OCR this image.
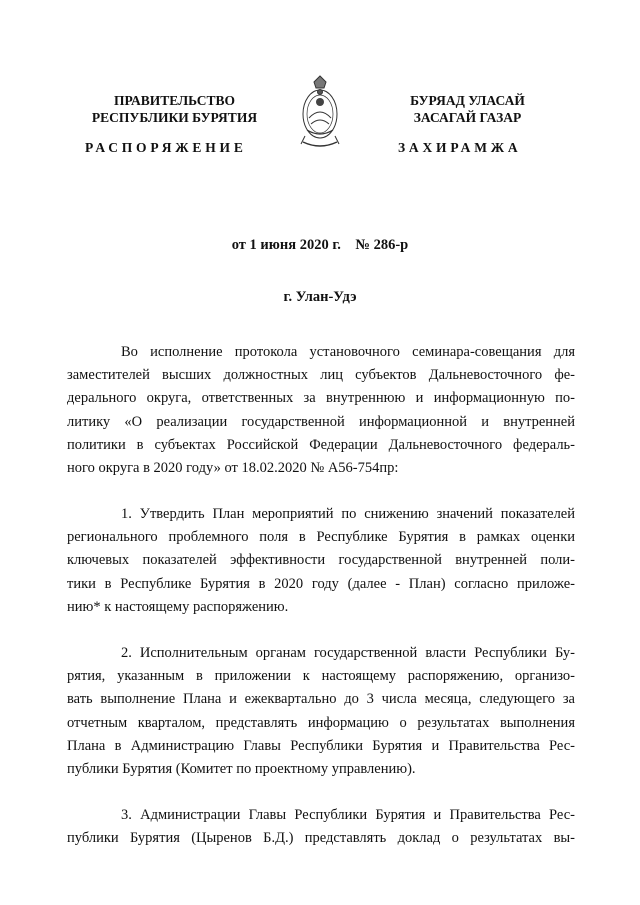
ПРАВИТЕЛЬСТВО
РЕСПУБЛИКИ БУРЯТИЯ
РАСПОРЯЖЕНИЕ
БУРЯАД УЛАСАЙ
ЗАСАГАЙ ГАЗАР
ЗАХИРАМЖА
от 1 июня 2020 г.    № 286-р
г. Улан-Удэ
Во исполнение протокола установочного семинара-совещания для
заместителей высших должностных лиц субъектов Дальневосточного фе-
дерального округа, ответственных за внутреннюю и информационную по-
литику «О реализации государственной информационной и внутренней
политики в субъектах Российской Федерации Дальневосточного федераль-
ного округа в 2020 году» от 18.02.2020 № А56-754пр:
1. Утвердить План мероприятий по снижению значений показателей
регионального проблемного поля в Республике Бурятия в рамках оценки
ключевых показателей эффективности государственной внутренней поли-
тики в Республике Бурятия в 2020 году (далее - План) согласно приложе-
нию* к настоящему распоряжению.
2. Исполнительным органам государственной власти Республики Бу-
рятия, указанным в приложении к настоящему распоряжению, организо-
вать выполнение Плана и ежеквартально до 3 числа месяца, следующего за
отчетным кварталом, представлять информацию о результатах выполнения
Плана в Администрацию Главы Республики Бурятия и Правительства Рес-
публики Бурятия (Комитет по проектному управлению).
3. Администрации Главы Республики Бурятия и Правительства Рес-
публики Бурятия (Цыренов Б.Д.) представлять доклад о результатах вы-
